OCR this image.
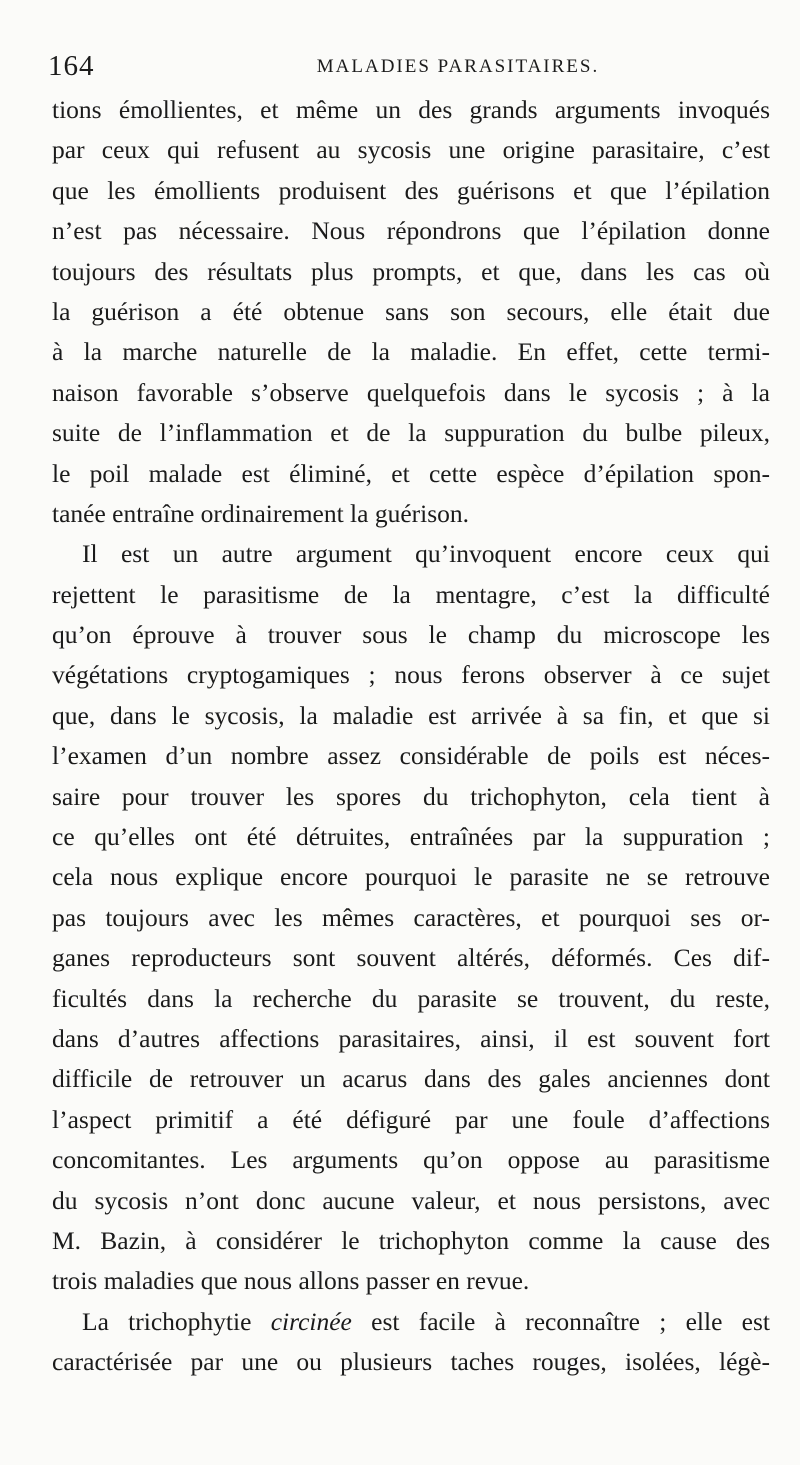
164	MALADIES PARASITAIRES.
tions émollientes, et même un des grands arguments invoqués
par ceux qui refusent au sycosis une origine parasitaire, c’est
que les émollients produisent des guérisons et que l’épilation
n’est pas nécessaire. Nous répondrons que l’épilation donne
toujours des résultats plus prompts, et que, dans les cas où
la guérison a été obtenue sans son secours, elle était due
à la marche naturelle de la maladie. En effet, cette termi-
naison favorable s’observe quelquefois dans le sycosis ; à la
suite de l’inflammation et de la suppuration du bulbe pileux,
le poil malade est éliminé, et cette espèce d’épilation spon-
tanée entraîne ordinairement la guérison.
Il est un autre argument qu’invoquent encore ceux qui
rejettent le parasitisme de la mentagre, c’est la difficulté
qu’on éprouve à trouver sous le champ du microscope les
végétations cryptogamiques ; nous ferons observer à ce sujet
que, dans le sycosis, la maladie est arrivée à sa fin, et que si
l’examen d’un nombre assez considérable de poils est néces-
saire pour trouver les spores du trichophyton, cela tient à
ce qu’elles ont été détruites, entraînées par la suppuration ;
cela nous explique encore pourquoi le parasite ne se retrouve
pas toujours avec les mêmes caractères, et pourquoi ses or-
ganes reproducteurs sont souvent altérés, déformés. Ces dif-
ficultés dans la recherche du parasite se trouvent, du reste,
dans d’autres affections parasitaires, ainsi, il est souvent fort
difficile de retrouver un acarus dans des gales anciennes dont
l’aspect primitif a été défiguré par une foule d’affections
concomitantes. Les arguments qu’on oppose au parasitisme
du sycosis n’ont donc aucune valeur, et nous persistons, avec
M. Bazin, à considérer le trichophyton comme la cause des
trois maladies que nous allons passer en revue.
La trichophytie circinée est facile à reconnaître ; elle est
caractérisée par une ou plusieurs taches rouges, isolées, légè-
